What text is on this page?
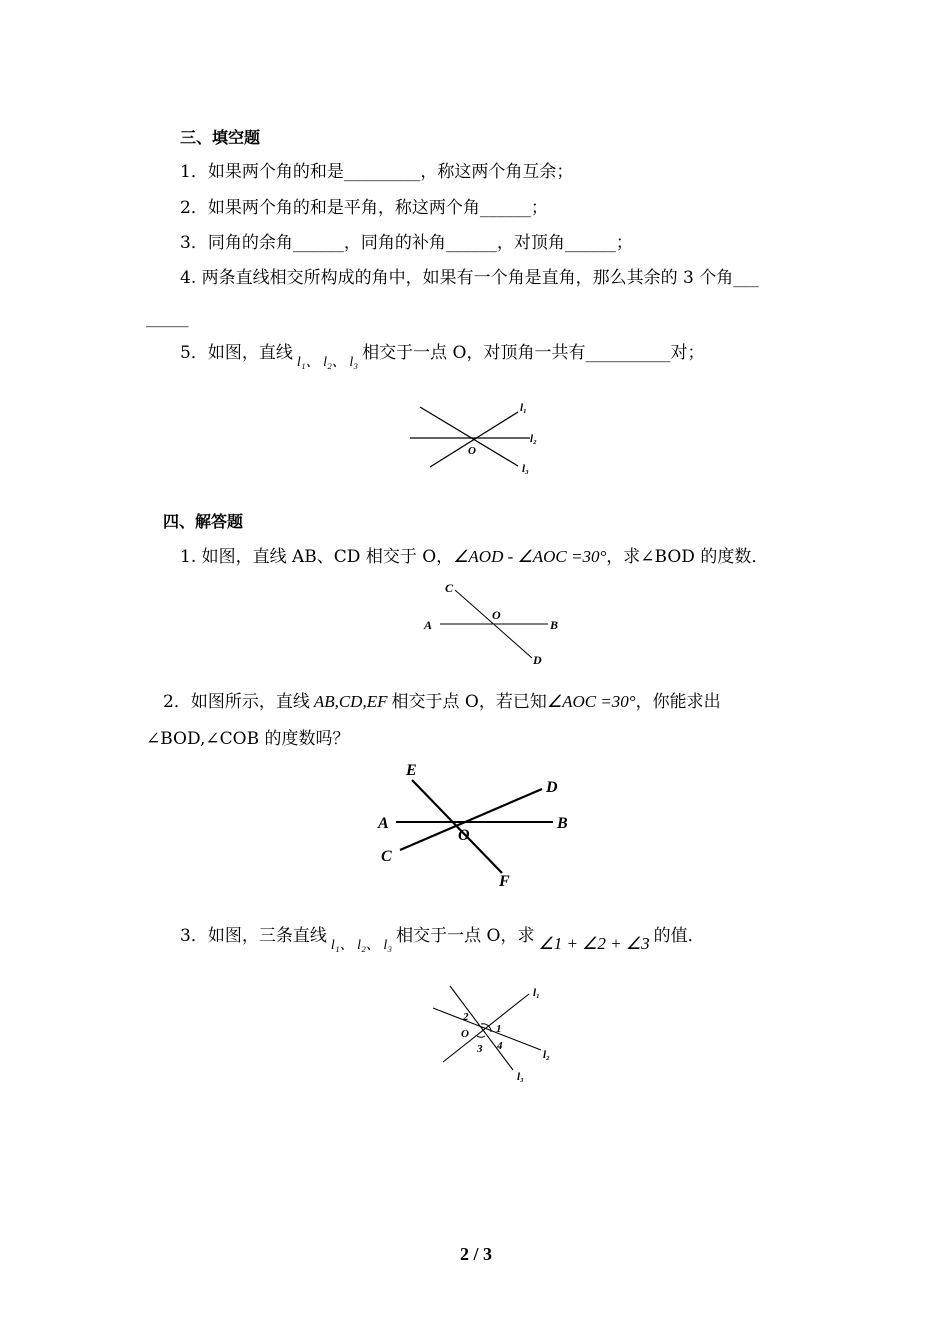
三、填空题
1．如果两个角的和是_________，称这两个角互余；
2．如果两个角的和是平角，称这两个角______；
3．同角的余角______，同角的补角______，对顶角______；
4. 两条直线相交所构成的角中，如果有一个角是直角，那么其余的 3 个角___
_____
5．如图，直线 $_{l_1、 l_2、 l_3}$ 相交于一点 O，对顶角一共有__________对；
l₁
l₂
l₃
O
四、解答题
1. 如图，直线 AB、CD 相交于 O，∠AOD - ∠AOC =30°，求∠BOD 的度数．
A	B
C
D
O
2．如图所示，直线 AB,CD,EF 相交于点 O，若已知∠AOC =30°，你能求出
∠BOD,∠COB 的度数吗？
E
D
A	B
C
O
F
3．如图，三条直线 $_{l_1、 l_2、 l_3}$ 相交于一点 O，求 ∠1 + ∠2 + ∠3 的值．
l₁
l₂
l₃
O 1
2
3 4
2 / 3
